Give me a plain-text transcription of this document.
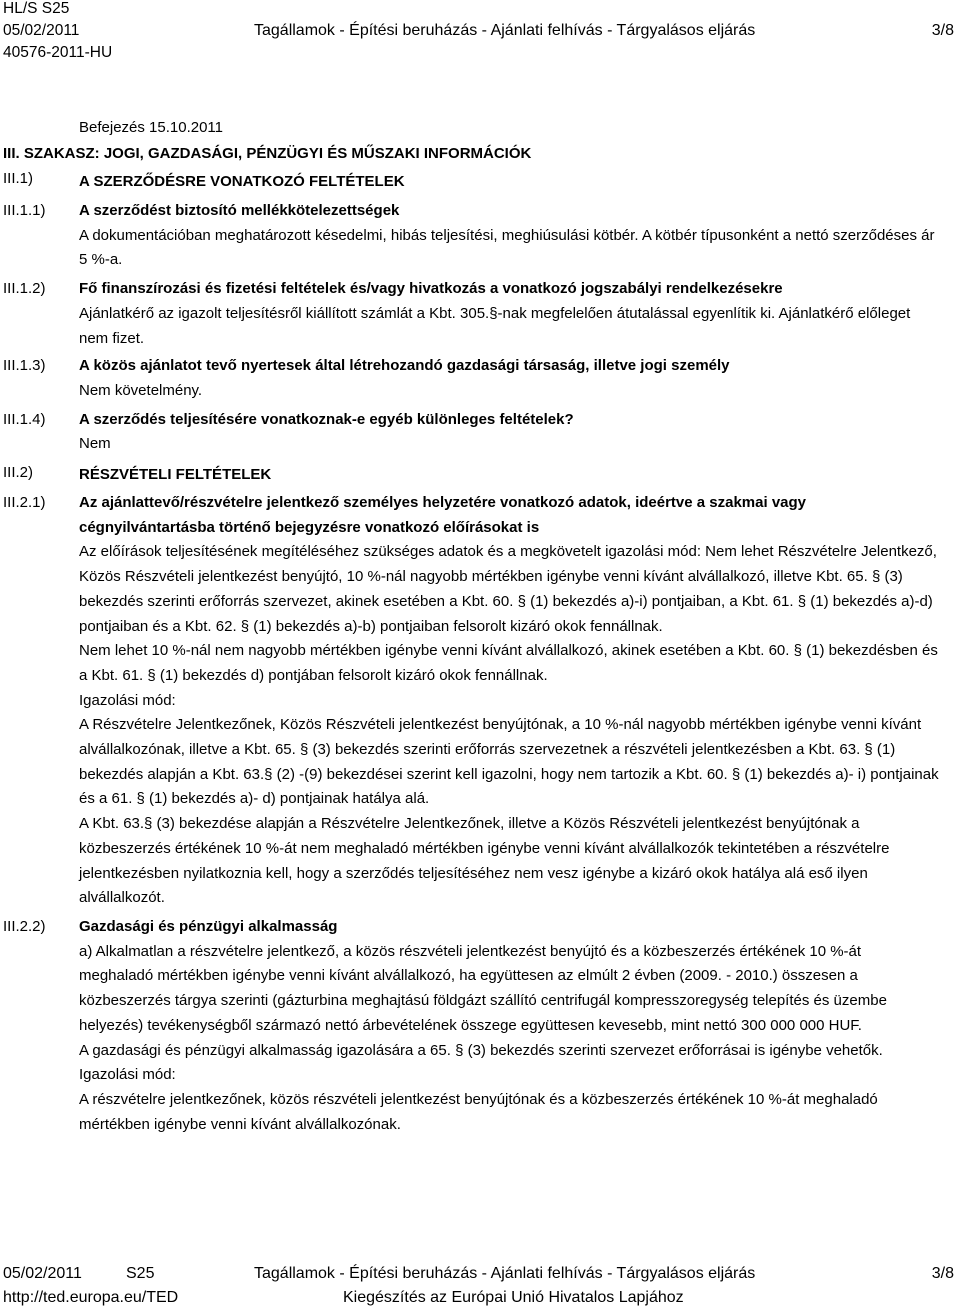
HL/S S25
05/02/2011
40576-2011-HU
Tagállamok - Építési beruházás - Ajánlati felhívás - Tárgyalásos eljárás	3/8
Befejezés 15.10.2011
III. SZAKASZ: JOGI, GAZDASÁGI, PÉNZÜGYI ÉS MŰSZAKI INFORMÁCIÓK
III.1)	A SZERZŐDÉSRE VONATKOZÓ FELTÉTELEK
III.1.1) A szerződést biztosító mellékkötelezettségek
A dokumentációban meghatározott késedelmi, hibás teljesítési, meghiúsulási kötbér. A kötbér típusonként a nettó szerződéses ár 5 %-a.
III.1.2) Fő finanszírozási és fizetési feltételek és/vagy hivatkozás a vonatkozó jogszabályi rendelkezésekre
Ajánlatkérő az igazolt teljesítésről kiállított számlát a Kbt. 305.§-nak megfelelően átutalással egyenlítik ki. Ajánlatkérő előleget nem fizet.
III.1.3) A közös ajánlatot tevő nyertesek által létrehozandó gazdasági társaság, illetve jogi személy
Nem követelmény.
III.1.4) A szerződés teljesítésére vonatkoznak-e egyéb különleges feltételek?
Nem
III.2)	RÉSZVÉTELI FELTÉTELEK
III.2.1) Az ajánlattevő/részvételre jelentkező személyes helyzetére vonatkozó adatok, ideértve a szakmai vagy cégnyilvántartásba történő bejegyzésre vonatkozó előírásokat is
Az előírások teljesítésének megítéléséhez szükséges adatok és a megkövetelt igazolási mód: Nem lehet Részvételre Jelentkező, Közös Részvételi jelentkezést benyújtó, 10 %-nál nagyobb mértékben igénybe venni kívánt alvállalkozó, illetve Kbt. 65. § (3) bekezdés szerinti erőforrás szervezet, akinek esetében a Kbt. 60. § (1) bekezdés a)-i) pontjaiban, a Kbt. 61. § (1) bekezdés a)-d) pontjaiban és a Kbt. 62. § (1) bekezdés a)-b) pontjaiban felsorolt kizáró okok fennállnak.
Nem lehet 10 %-nál nem nagyobb mértékben igénybe venni kívánt alvállalkozó, akinek esetében a Kbt. 60. § (1) bekezdésben és a Kbt. 61. § (1) bekezdés d) pontjában felsorolt kizáró okok fennállnak.
Igazolási mód:
A Részvételre Jelentkezőnek, Közös Részvételi jelentkezést benyújtónak, a 10 %-nál nagyobb mértékben igénybe venni kívánt alvállalkozónak, illetve a Kbt. 65. § (3) bekezdés szerinti erőforrás szervezetnek a részvételi jelentkezésben a Kbt. 63. § (1) bekezdés alapján a Kbt. 63.§ (2) -(9) bekezdései szerint kell igazolni, hogy nem tartozik a Kbt. 60. § (1) bekezdés a)- i) pontjainak és a 61. § (1) bekezdés a)- d) pontjainak hatálya alá.
A Kbt. 63.§ (3) bekezdése alapján a Részvételre Jelentkezőnek, illetve a Közös Részvételi jelentkezést benyújtónak a közbeszerzés értékének 10 %-át nem meghaladó mértékben igénybe venni kívánt alvállalkozók tekintetében a részvételre jelentkezésben nyilatkoznia kell, hogy a szerződés teljesítéséhez nem vesz igénybe a kizáró okok hatálya alá eső ilyen alvállalkozót.
III.2.2) Gazdasági és pénzügyi alkalmasság
a) Alkalmatlan a részvételre jelentkező, a közös részvételi jelentkezést benyújtó és a közbeszerzés értékének 10 %-át meghaladó mértékben igénybe venni kívánt alvállalkozó, ha együttesen az elmúlt 2 évben (2009. - 2010.) összesen a közbeszerzés tárgya szerinti (gázturbina meghajtású földgázt szállító centrifugál kompresszoregység telepítés és üzembe helyezés) tevékenységből származó nettó árbevételének összege együttesen kevesebb, mint nettó 300 000 000 HUF.
A gazdasági és pénzügyi alkalmasság igazolására a 65. § (3) bekezdés szerinti szervezet erőforrásai is igénybe vehetők.
Igazolási mód:
A részvételre jelentkezőnek, közös részvételi jelentkezést benyújtónak és a közbeszerzés értékének 10 %-át meghaladó mértékben igénybe venni kívánt alvállalkozónak.
05/02/2011	S25	Tagállamok - Építési beruházás - Ajánlati felhívás - Tárgyalásos eljárás	3/8
http://ted.europa.eu/TED	Kiegészítés az Európai Unió Hivatalos Lapjához
